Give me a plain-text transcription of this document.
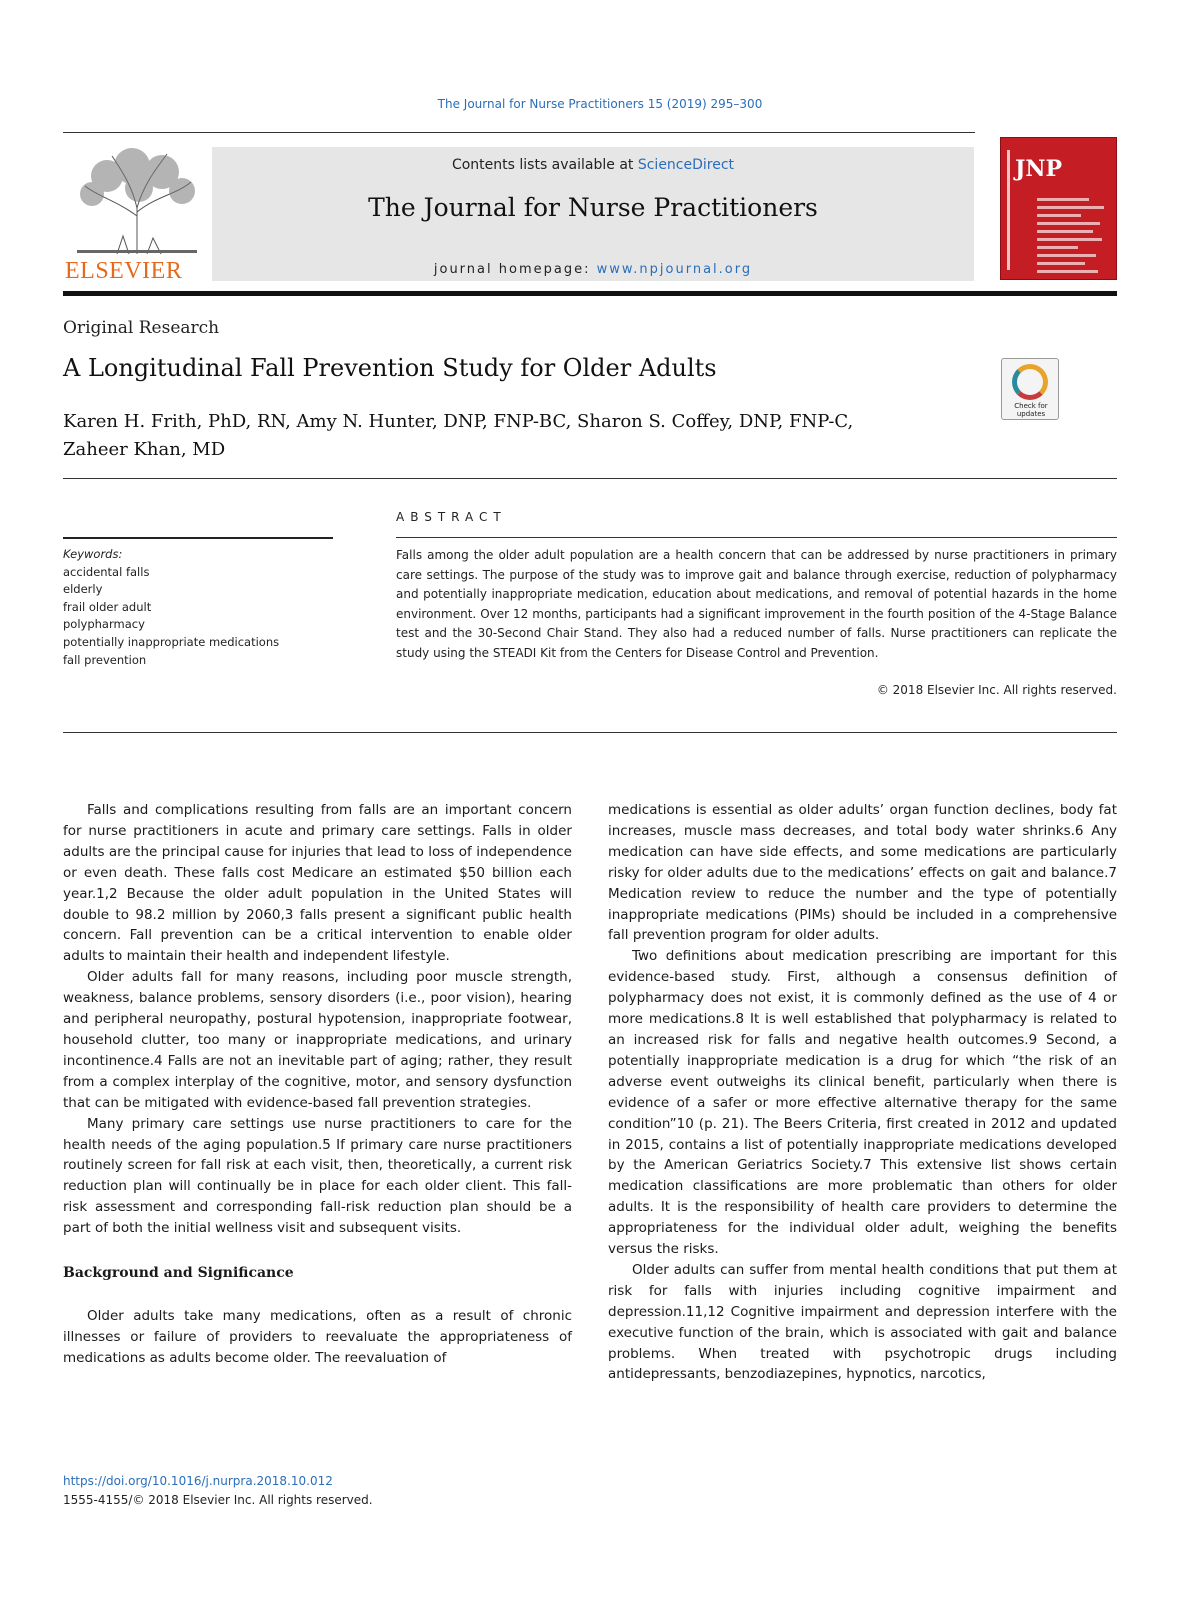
The Journal for Nurse Practitioners 15 (2019) 295–300
ELSEVIER
Contents lists available at ScienceDirect
The Journal for Nurse Practitioners
journal homepage: www.npjournal.org
JNP
Original Research
A Longitudinal Fall Prevention Study for Older Adults
Karen H. Frith, PhD, RN, Amy N. Hunter, DNP, FNP-BC, Sharon S. Coffey, DNP, FNP-C,
Zaheer Khan, MD
Check for updates
Keywords:
accidental falls
elderly
frail older adult
polypharmacy
potentially inappropriate medications
fall prevention
ABSTRACT
Falls among the older adult population are a health concern that can be addressed by nurse practitioners in primary care settings. The purpose of the study was to improve gait and balance through exercise, reduction of polypharmacy and potentially inappropriate medication, education about medications, and removal of potential hazards in the home environment. Over 12 months, participants had a significant improvement in the fourth position of the 4-Stage Balance test and the 30-Second Chair Stand. They also had a reduced number of falls. Nurse practitioners can replicate the study using the STEADI Kit from the Centers for Disease Control and Prevention.
© 2018 Elsevier Inc. All rights reserved.

Falls and complications resulting from falls are an important concern for nurse practitioners in acute and primary care settings. Falls in older adults are the principal cause for injuries that lead to loss of independence or even death. These falls cost Medicare an estimated $50 billion each year.1,2 Because the older adult population in the United States will double to 98.2 million by 2060,3 falls present a significant public health concern. Fall prevention can be a critical intervention to enable older adults to maintain their health and independent lifestyle.

Older adults fall for many reasons, including poor muscle strength, weakness, balance problems, sensory disorders (i.e., poor vision), hearing and peripheral neuropathy, postural hypotension, inappropriate footwear, household clutter, too many or inappropriate medications, and urinary incontinence.4 Falls are not an inevitable part of aging; rather, they result from a complex interplay of the cognitive, motor, and sensory dysfunction that can be mitigated with evidence-based fall prevention strategies.

Many primary care settings use nurse practitioners to care for the health needs of the aging population.5 If primary care nurse practitioners routinely screen for fall risk at each visit, then, theoretically, a current risk reduction plan will continually be in place for each older client. This fall-risk assessment and corresponding fall-risk reduction plan should be a part of both the initial wellness visit and subsequent visits.

Background and Significance

Older adults take many medications, often as a result of chronic illnesses or failure of providers to reevaluate the appropriateness of medications as adults become older. The reevaluation of

medications is essential as older adults’ organ function declines, body fat increases, muscle mass decreases, and total body water shrinks.6 Any medication can have side effects, and some medications are particularly risky for older adults due to the medications’ effects on gait and balance.7 Medication review to reduce the number and the type of potentially inappropriate medications (PIMs) should be included in a comprehensive fall prevention program for older adults.

Two definitions about medication prescribing are important for this evidence-based study. First, although a consensus definition of polypharmacy does not exist, it is commonly defined as the use of 4 or more medications.8 It is well established that polypharmacy is related to an increased risk for falls and negative health outcomes.9 Second, a potentially inappropriate medication is a drug for which “the risk of an adverse event outweighs its clinical benefit, particularly when there is evidence of a safer or more effective alternative therapy for the same condition”10 (p. 21). The Beers Criteria, first created in 2012 and updated in 2015, contains a list of potentially inappropriate medications developed by the American Geriatrics Society.7 This extensive list shows certain medication classifications are more problematic than others for older adults. It is the responsibility of health care providers to determine the appropriateness for the individual older adult, weighing the benefits versus the risks.

Older adults can suffer from mental health conditions that put them at risk for falls with injuries including cognitive impairment and depression.11,12 Cognitive impairment and depression interfere with the executive function of the brain, which is associated with gait and balance problems. When treated with psychotropic drugs including antidepressants, benzodiazepines, hypnotics, narcotics,

https://doi.org/10.1016/j.nurpra.2018.10.012
1555-4155/© 2018 Elsevier Inc. All rights reserved.
